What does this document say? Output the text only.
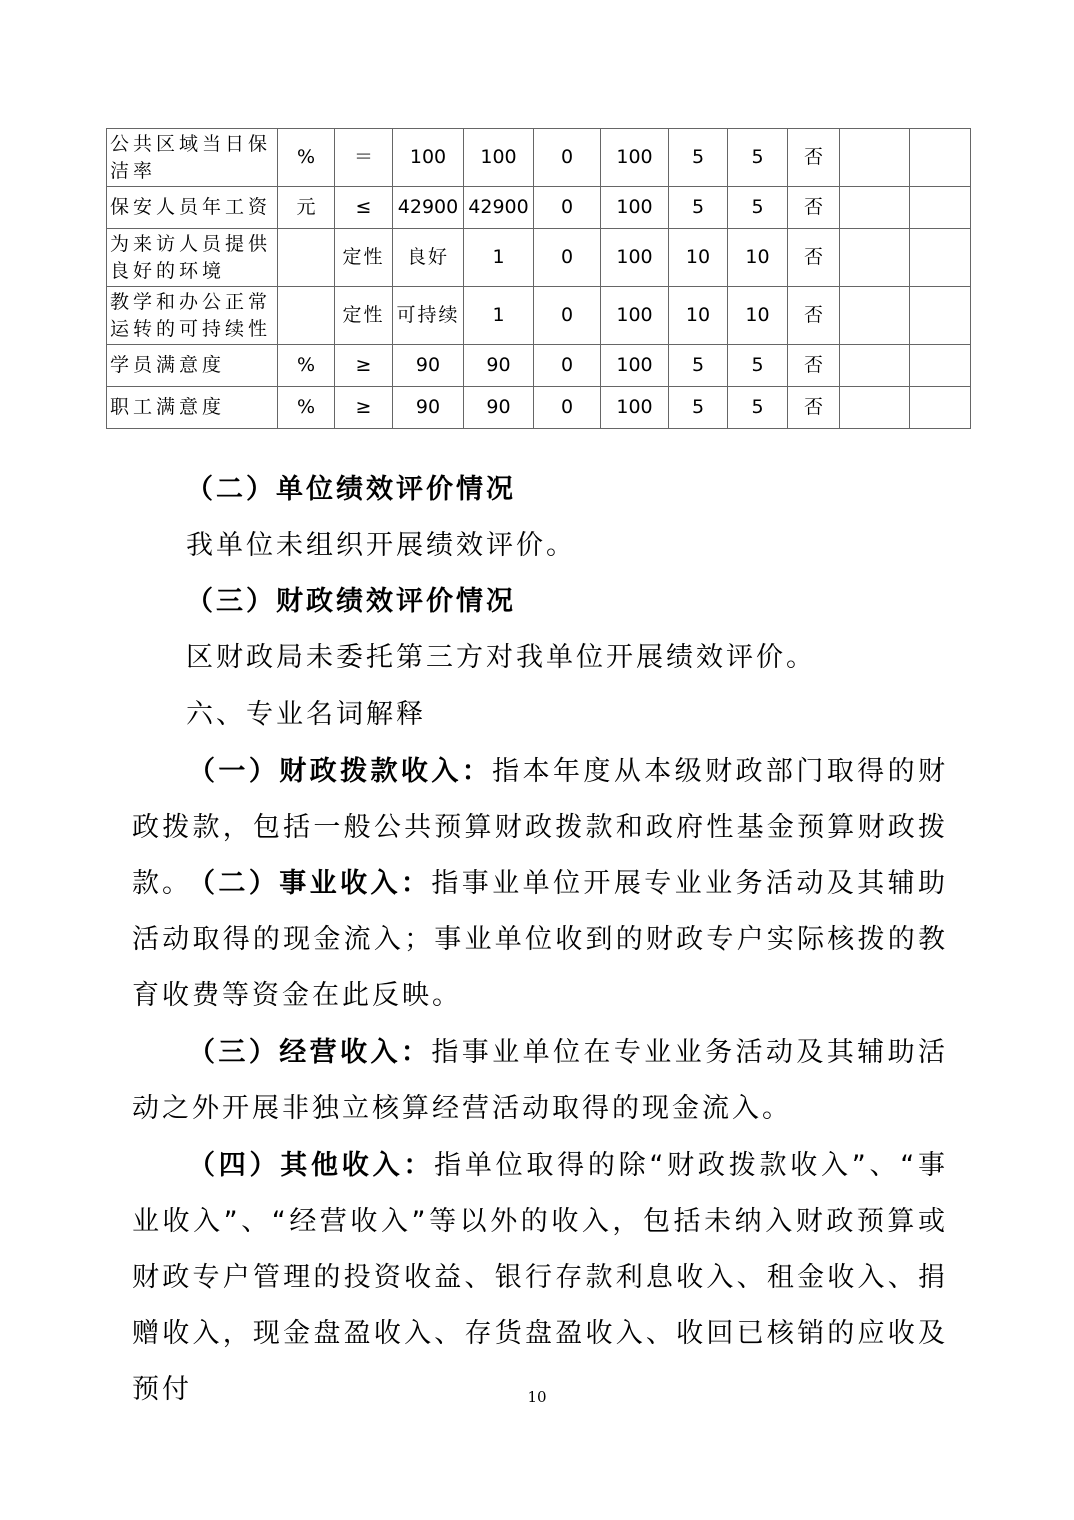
公共区域当日保洁率	%	＝	100	100	0	100	5	5	否		
保安人员年工资	元	≤	42900	42900	0	100	5	5	否		
为来访人员提供良好的环境		定性	良好	1	0	100	10	10	否		
教学和办公正常运转的可持续性		定性	可持续	1	0	100	10	10	否		
学员满意度	%	≥	90	90	0	100	5	5	否		
职工满意度	%	≥	90	90	0	100	5	5	否		

（二）单位绩效评价情况

我单位未组织开展绩效评价。

（三）财政绩效评价情况

区财政局未委托第三方对我单位开展绩效评价。

六、专业名词解释

（一）财政拨款收入：指本年度从本级财政部门取得的财政拨款，包括一般公共预算财政拨款和政府性基金预算财政拨款。

（二）事业收入：指事业单位开展专业业务活动及其辅助活动取得的现金流入；事业单位收到的财政专户实际核拨的教育收费等资金在此反映。

（三）经营收入：指事业单位在专业业务活动及其辅助活动之外开展非独立核算经营活动取得的现金流入。

（四）其他收入：指单位取得的除“财政拨款收入”、“事业收入”、“经营收入”等以外的收入，包括未纳入财政预算或财政专户管理的投资收益、银行存款利息收入、租金收入、捐赠收入，现金盘盈收入、存货盘盈收入、收回已核销的应收及预付	10
